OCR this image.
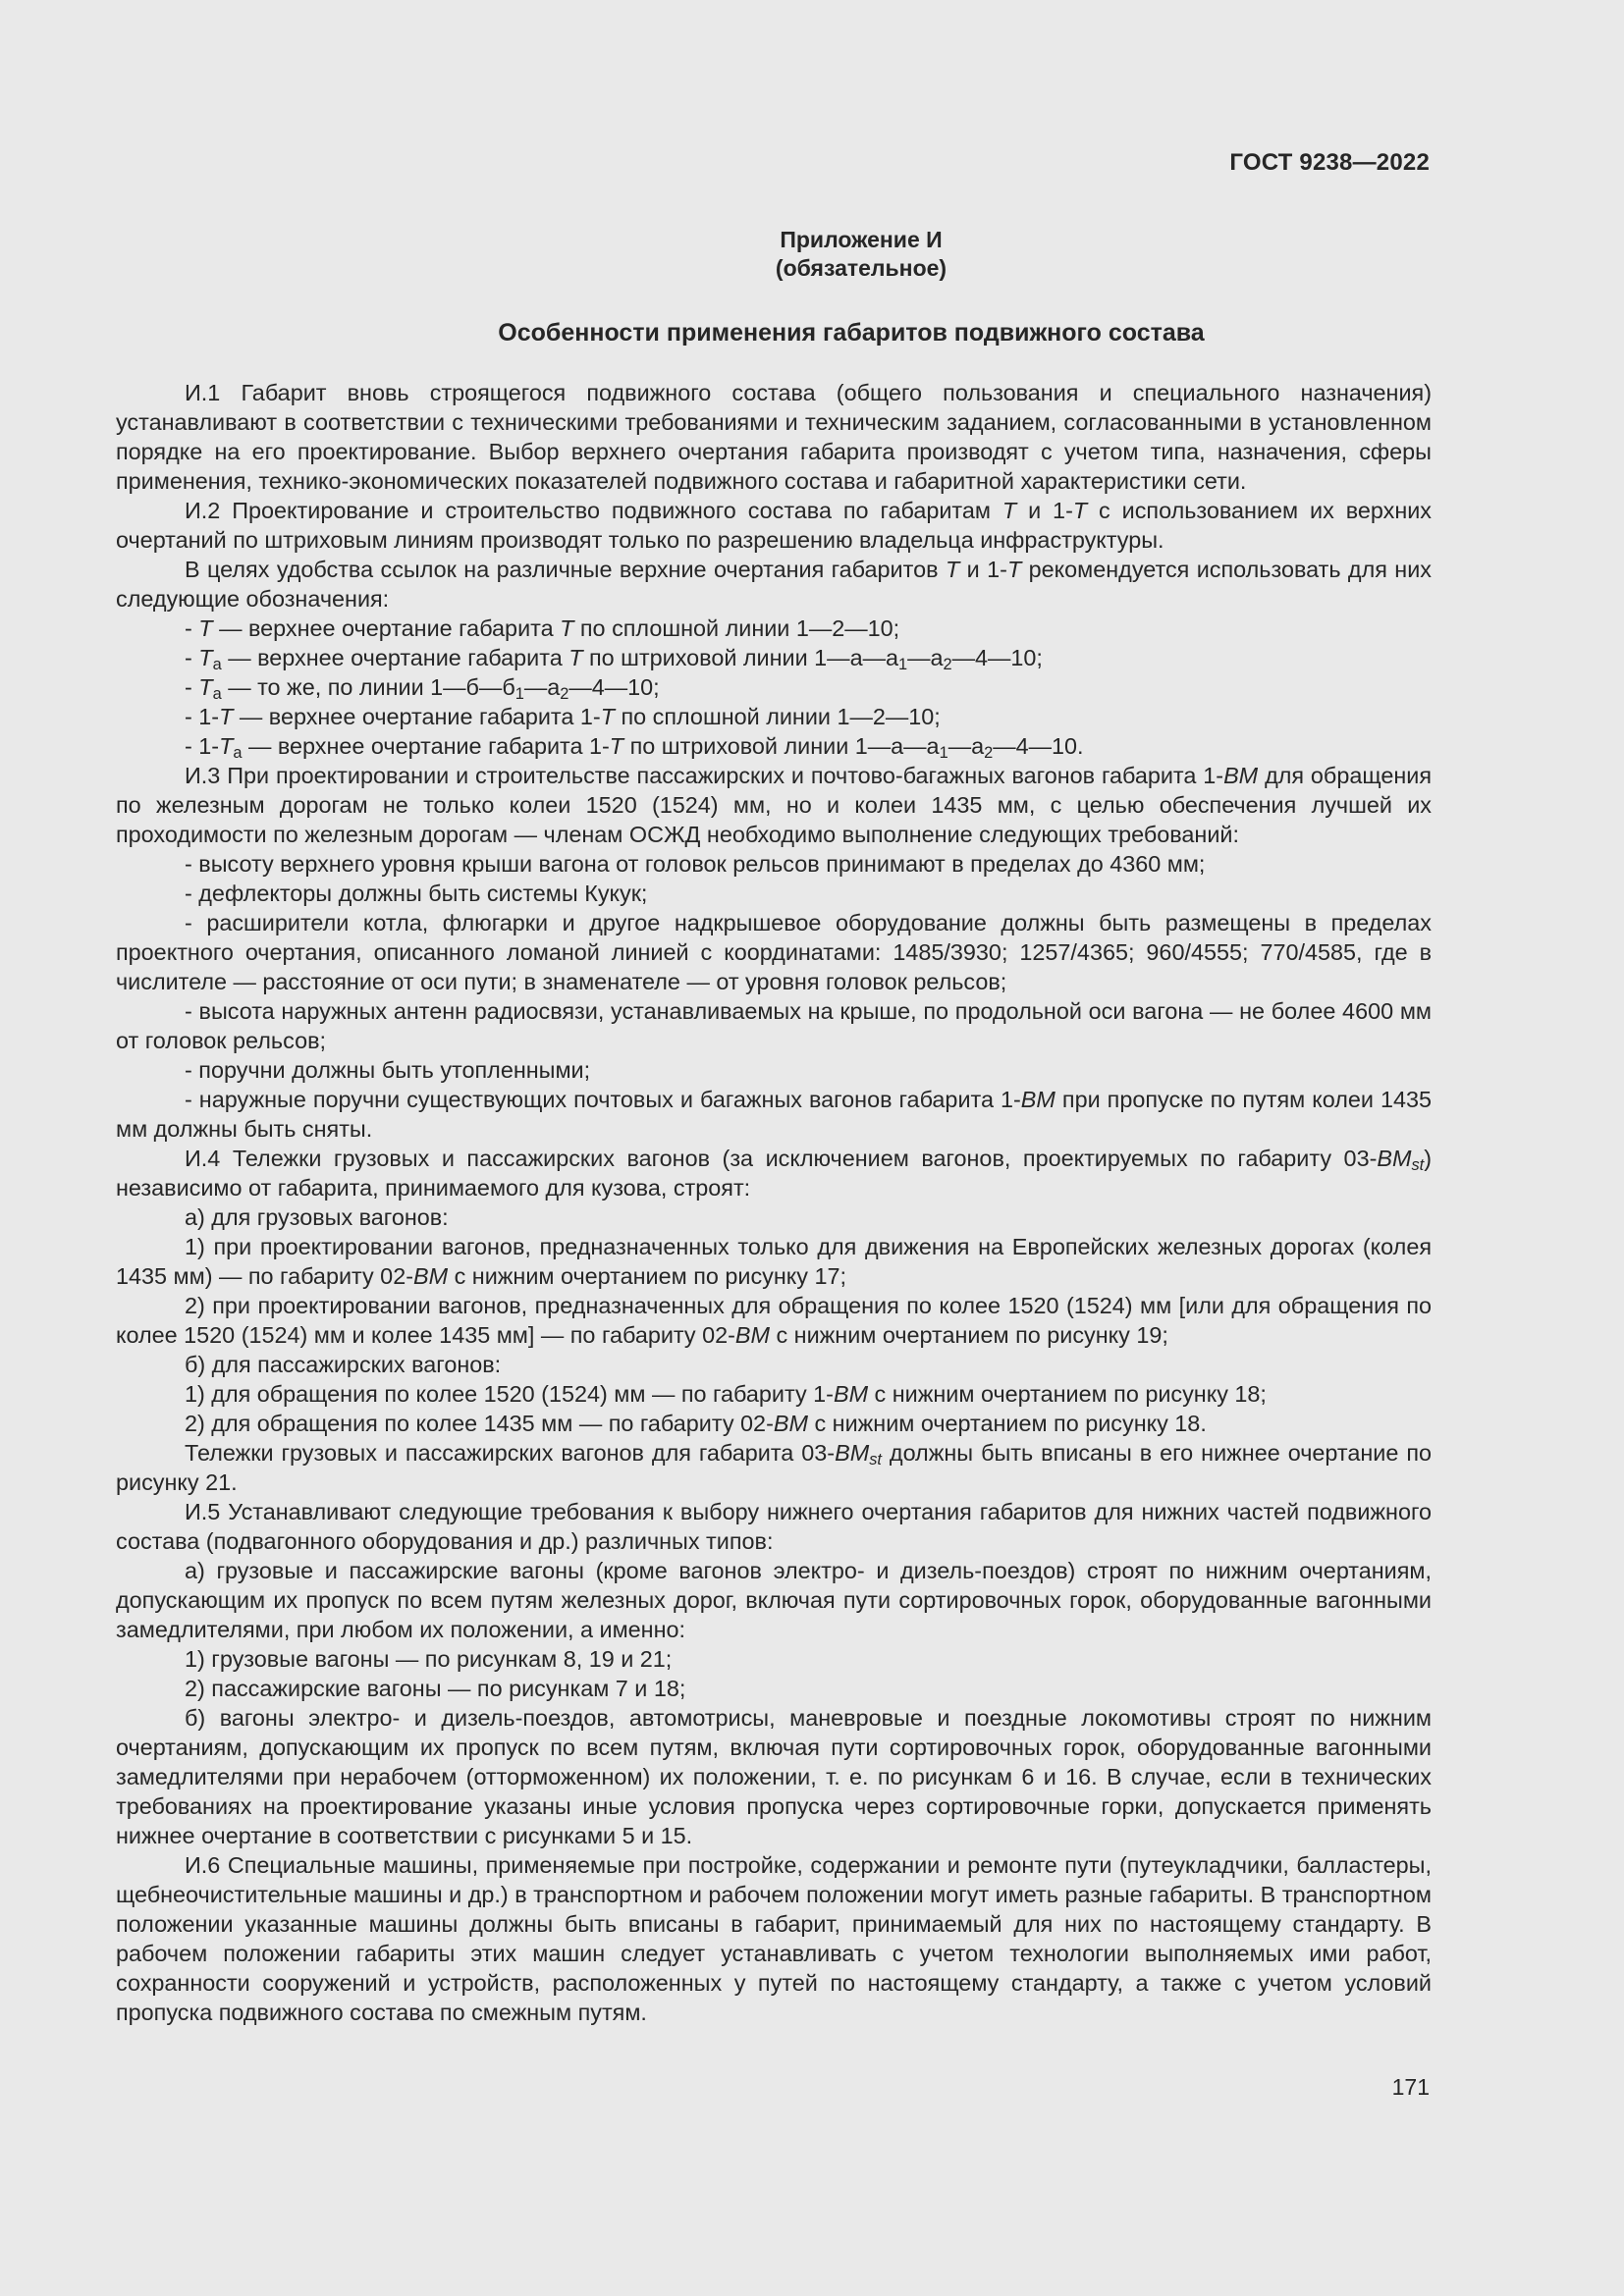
ГОСТ 9238—2022
Приложение И
(обязательное)
Особенности применения габаритов подвижного состава

И.1 Габарит вновь строящегося подвижного состава (общего пользования и специального назначения) устанавливают в соответствии с техническими требованиями и техническим заданием, согласованными в установленном порядке на его проектирование. Выбор верхнего очертания габарита производят с учетом типа, назначения, сферы применения, технико-экономических показателей подвижного состава и габаритной характеристики сети.

И.2 Проектирование и строительство подвижного состава по габаритам T и 1-T с использованием их верхних очертаний по штриховым линиям производят только по разрешению владельца инфраструктуры.

В целях удобства ссылок на различные верхние очертания габаритов T и 1-T рекомендуется использовать для них следующие обозначения:

- T — верхнее очертание габарита T по сплошной линии 1—2—10;

- $T_a$ — верхнее очертание габарита T по штриховой линии $1—а—а_1—а_2—4—10$;

- $T_a$ — то же, по линии $1—б—б_1—а_2—4—10$;

- 1-T — верхнее очертание габарита 1-T по сплошной линии 1—2—10;

- $1-T_a$ — верхнее очертание габарита 1-T по штриховой линии $1—а—а_1—а_2—4—10$.

И.3 При проектировании и строительстве пассажирских и почтово-багажных вагонов габарита 1-ВМ для обращения по железным дорогам не только колеи 1520 (1524) мм, но и колеи 1435 мм, с целью обеспечения лучшей их проходимости по железным дорогам — членам ОСЖД необходимо выполнение следующих требований:

- высоту верхнего уровня крыши вагона от головок рельсов принимают в пределах до 4360 мм;

- дефлекторы должны быть системы Кукук;

- расширители котла, флюгарки и другое надкрышевое оборудование должны быть размещены в пределах проектного очертания, описанного ломаной линией с координатами: 1485/3930; 1257/4365; 960/4555; 770/4585, где в числителе — расстояние от оси пути; в знаменателе — от уровня головок рельсов;

- высота наружных антенн радиосвязи, устанавливаемых на крыше, по продольной оси вагона — не более 4600 мм от головок рельсов;

- поручни должны быть утопленными;

- наружные поручни существующих почтовых и багажных вагонов габарита 1-ВМ при пропуске по путям колеи 1435 мм должны быть сняты.

И.4 Тележки грузовых и пассажирских вагонов (за исключением вагонов, проектируемых по габариту $03-ВМ_{st}$) независимо от габарита, принимаемого для кузова, строят:

а) для грузовых вагонов:

1) при проектировании вагонов, предназначенных только для движения на Европейских железных дорогах (колея 1435 мм) — по габариту 02-ВМ с нижним очертанием по рисунку 17;

2) при проектировании вагонов, предназначенных для обращения по колее 1520 (1524) мм [или для обращения по колее 1520 (1524) мм и колее 1435 мм] — по габариту 02-ВМ с нижним очертанием по рисунку 19;

б) для пассажирских вагонов:

1) для обращения по колее 1520 (1524) мм — по габариту 1-ВМ с нижним очертанием по рисунку 18;

2) для обращения по колее 1435 мм — по габариту 02-ВМ с нижним очертанием по рисунку 18.

Тележки грузовых и пассажирских вагонов для габарита $03-ВМ_{st}$ должны быть вписаны в его нижнее очертание по рисунку 21.

И.5 Устанавливают следующие требования к выбору нижнего очертания габаритов для нижних частей подвижного состава (подвагонного оборудования и др.) различных типов:

а) грузовые и пассажирские вагоны (кроме вагонов электро- и дизель-поездов) строят по нижним очертаниям, допускающим их пропуск по всем путям железных дорог, включая пути сортировочных горок, оборудованные вагонными замедлителями, при любом их положении, а именно:

1) грузовые вагоны — по рисункам 8, 19 и 21;

2) пассажирские вагоны — по рисункам 7 и 18;

б) вагоны электро- и дизель-поездов, автомотрисы, маневровые и поездные локомотивы строят по нижним очертаниям, допускающим их пропуск по всем путям, включая пути сортировочных горок, оборудованные вагонными замедлителями при нерабочем (отторможенном) их положении, т. е. по рисункам 6 и 16. В случае, если в технических требованиях на проектирование указаны иные условия пропуска через сортировочные горки, допускается применять нижнее очертание в соответствии с рисунками 5 и 15.

И.6 Специальные машины, применяемые при постройке, содержании и ремонте пути (путеукладчики, балластеры, щебнеочистительные машины и др.) в транспортном и рабочем положении могут иметь разные габариты. В транспортном положении указанные машины должны быть вписаны в габарит, принимаемый для них по настоящему стандарту. В рабочем положении габариты этих машин следует устанавливать с учетом технологии выполняемых ими работ, сохранности сооружений и устройств, расположенных у путей по настоящему стандарту, а также с учетом условий пропуска подвижного состава по смежным путям.

171
